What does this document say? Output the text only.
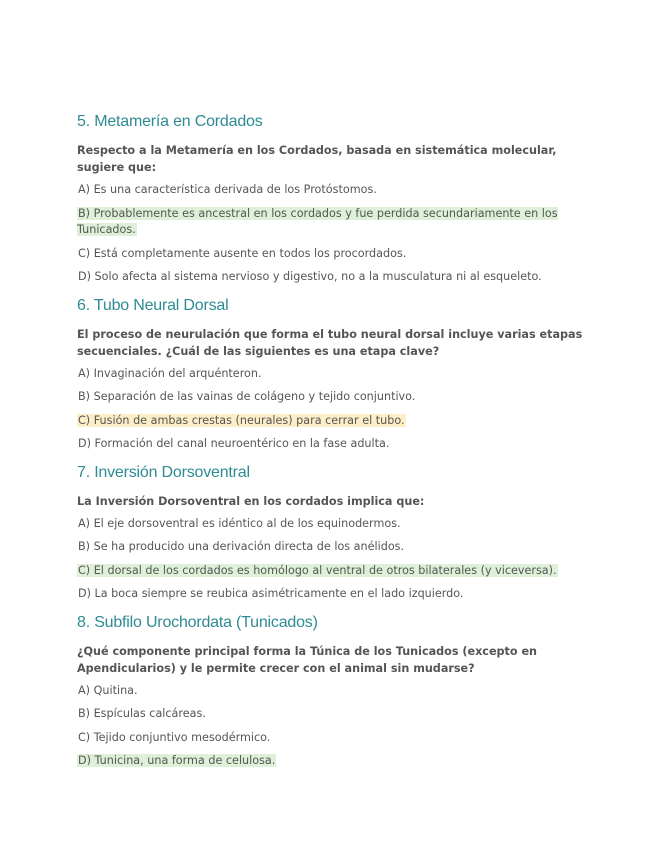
5. Metamería en Cordados
Respecto a la Metamería en los Cordados, basada en sistemática molecular, sugiere que:
A) Es una característica derivada de los Protóstomos.
B) Probablemente es ancestral en los cordados y fue perdida secundariamente en los Tunicados.
C) Está completamente ausente en todos los procordados.
D) Solo afecta al sistema nervioso y digestivo, no a la musculatura ni al esqueleto.
6. Tubo Neural Dorsal
El proceso de neurulación que forma el tubo neural dorsal incluye varias etapas secuenciales. ¿Cuál de las siguientes es una etapa clave?
A) Invaginación del arquénteron.
B) Separación de las vainas de colágeno y tejido conjuntivo.
C) Fusión de ambas crestas (neurales) para cerrar el tubo.
D) Formación del canal neuroentérico en la fase adulta.
7. Inversión Dorsoventral
La Inversión Dorsoventral en los cordados implica que:
A) El eje dorsoventral es idéntico al de los equinodermos.
B) Se ha producido una derivación directa de los anélidos.
C) El dorsal de los cordados es homólogo al ventral de otros bilaterales (y viceversa).
D) La boca siempre se reubica asimétricamente en el lado izquierdo.
8. Subfilo Urochordata (Tunicados)
¿Qué componente principal forma la Túnica de los Tunicados (excepto en Apendicularios) y le permite crecer con el animal sin mudarse?
A) Quitina.
B) Espículas calcáreas.
C) Tejido conjuntivo mesodérmico.
D) Tunicina, una forma de celulosa.
